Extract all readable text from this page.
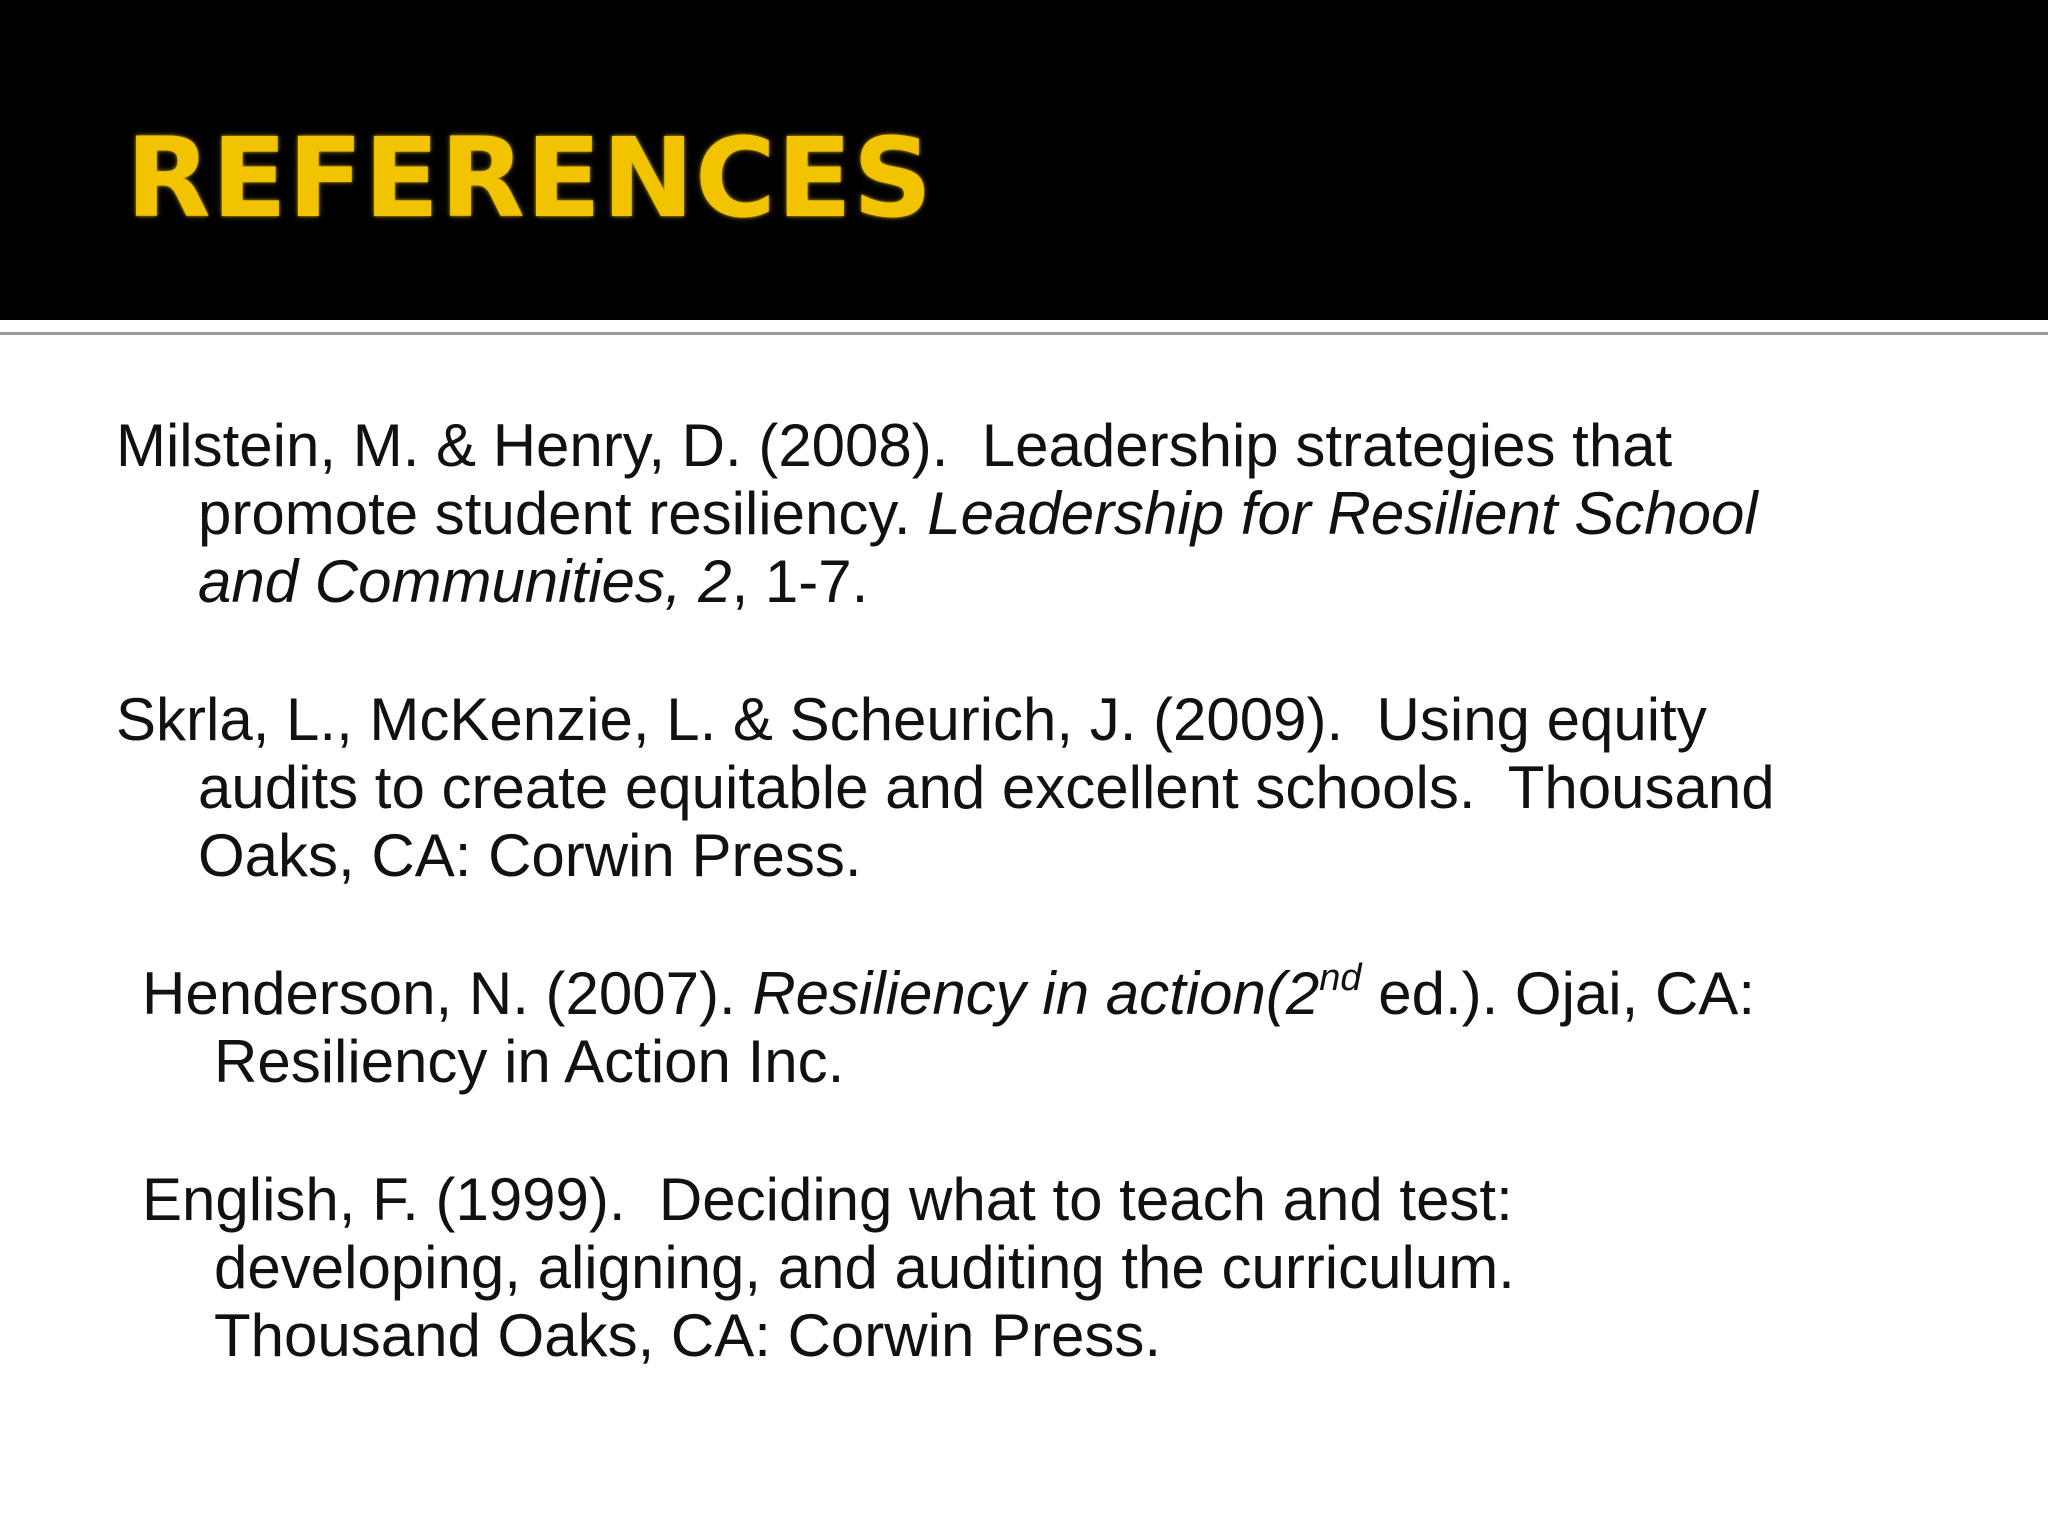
REFERENCES
Milstein, M. & Henry, D. (2008).  Leadership strategies that
promote student resiliency. Leadership for Resilient School
and Communities, 2, 1-7.
Skrla, L., McKenzie, L. & Scheurich, J. (2009).  Using equity
audits to create equitable and excellent schools.  Thousand
Oaks, CA: Corwin Press.
Henderson, N. (2007). Resiliency in action(2nd ed.). Ojai, CA:
Resiliency in Action Inc.
English, F. (1999).  Deciding what to teach and test:
developing, aligning, and auditing the curriculum.
Thousand Oaks, CA: Corwin Press.
